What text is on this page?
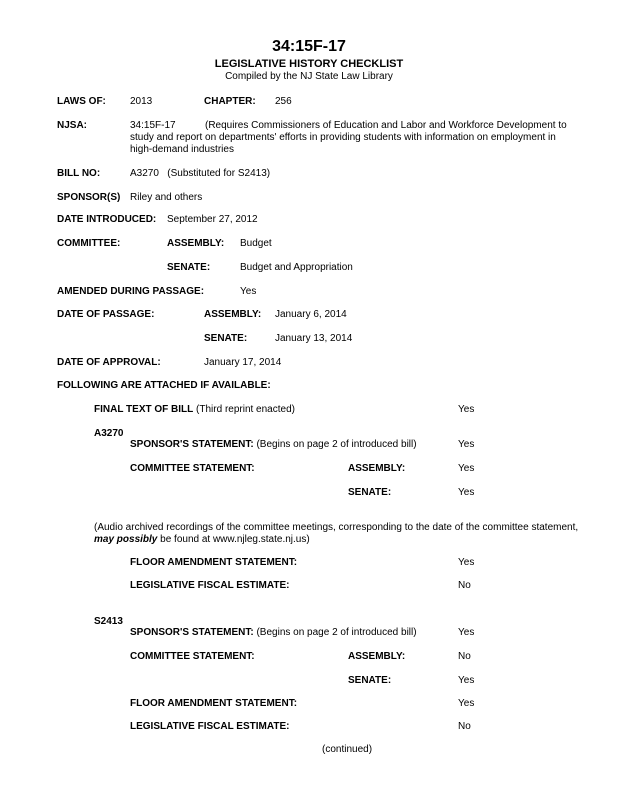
34:15F-17
LEGISLATIVE HISTORY CHECKLIST
Compiled by the NJ State Law Library
LAWS OF: 2013	CHAPTER: 256
NJSA:	34:15F-17	(Requires Commissioners of Education and Labor and Workforce Development to study and report on departments' efforts in providing students with information on employment in high-demand industries
BILL NO:	A3270   (Substituted for S2413)
SPONSOR(S) Riley and others
DATE INTRODUCED: September 27, 2012
COMMITTEE:	ASSEMBLY: Budget
SENATE:	Budget and Appropriation
AMENDED DURING PASSAGE:	Yes
DATE OF PASSAGE:	ASSEMBLY: January 6, 2014
SENATE:	January 13, 2014
DATE OF APPROVAL:	January 17, 2014
FOLLOWING ARE ATTACHED IF AVAILABLE:
FINAL TEXT OF BILL (Third reprint enacted)	Yes
A3270
SPONSOR'S STATEMENT: (Begins on page 2 of introduced bill)	Yes
COMMITTEE STATEMENT:	ASSEMBLY:	Yes
SENATE:	Yes
(Audio archived recordings of the committee meetings, corresponding to the date of the committee statement, may possibly be found at www.njleg.state.nj.us)
FLOOR AMENDMENT STATEMENT:	Yes
LEGISLATIVE FISCAL ESTIMATE:	No
S2413
SPONSOR'S STATEMENT: (Begins on page 2 of introduced bill)	Yes
COMMITTEE STATEMENT:	ASSEMBLY:	No
SENATE:	Yes
FLOOR AMENDMENT STATEMENT:	Yes
LEGISLATIVE FISCAL ESTIMATE:	No
(continued)
